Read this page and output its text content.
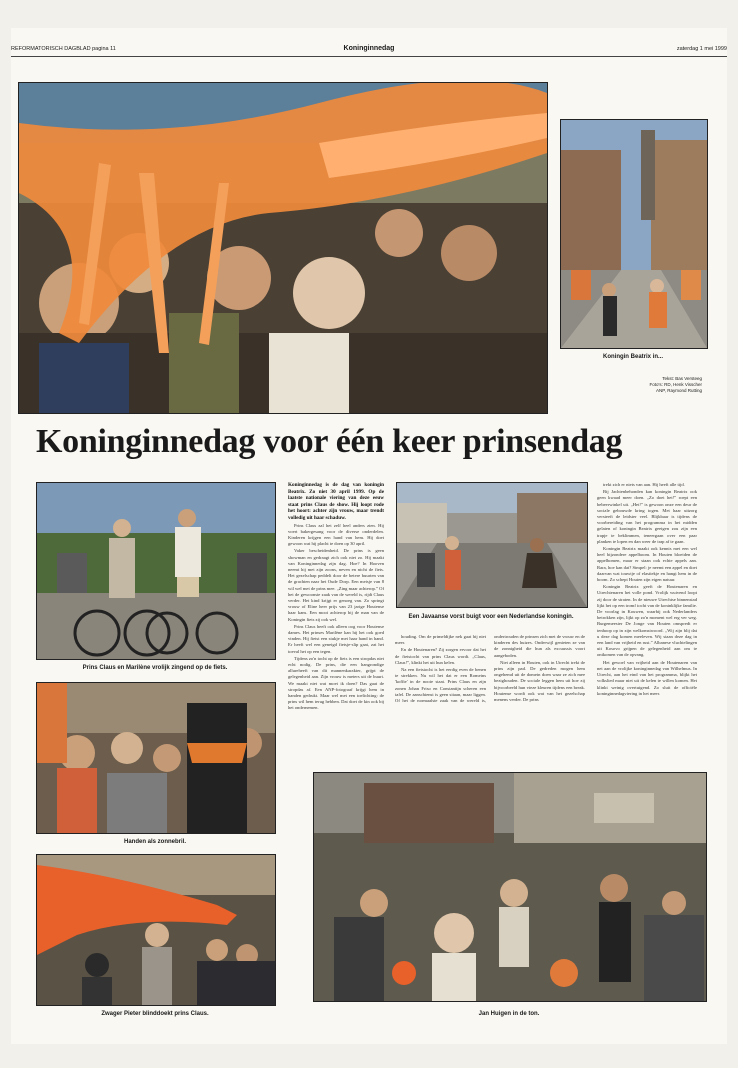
REFORMATORISCH DAGBLAD pagina 11	Koninginnedag	zaterdag 1 mei 1999
Koningin Beatrix in...
Tekst: Bas Versteeg
Foto's: RD, Henk Visscher
ANP, Raymond Rutting
Koninginnedag voor één keer prinsendag
Prins Claus en Marilène vrolijk zingend op de fiets.
Handen als zonnebril.
Zwager Pieter blinddoekt prins Claus.

Koninginnedag is de dag van koningin Beatrix. Zo niet 30 april 1999. Op de laatste nationale viering van deze eeuw staat prins Claus de show. Hij loopt rode het hoort: achter zijn vrouw, maar trendt volledig uit haar schaduw.

Prins Claus zal het zelf heel anders zien. Hij voert bakergesang voor de diverse onderdelen. Kinderen krijgen een hand van hem. Hij doet gewoon wat hij placht te doen op 30 april.

Vaker bescheidenheid. De prins is geen showman en gedraagt zich ook niet zo. Hij maakt van Koninginnedag zijn dag. Hoe? In Hooven neemt hij met zijn zoons, neven en nicht de fiets. Het gezelschap peddelt door de betere buurten van de grachten naar het Oude Dorp. Een meisje van 8 wil wel met de prins mee. „Zing maar achterop.” Of het de gewoonste zaak van de wereld is, rijdt Claus verder. Het kind krijgt er genoeg van. Zo springt vrouw of Eline heer prijs van 23 jarige Houtense haar kans. Een mooi achterop bij de man van de Koningin fiets zij ook wel.

Prins Claus heeft ook alleen oog voor Houtense dames. Het prinses Marilène kan hij het ook goed vinden. Hij fietst een stukje met haar hand in hand. Er heeft wel een geneigd fietsje-slip gaat, zat het toeval het op een tegen.

Tijdens zo'n tocht op de fiets is een stropdas niet echt nodig. De prins, die een hangrondige allureheeft van dit mannenkarakter, grijpt de gelegenheid aan. Zijn vrouw is meters uit de buurt. We maakt niet wat moet ik doen? Das gaat de stropdas af. Een ANP-fotograaf krijgt hem in handen gedrukt. Maar wel met een toelichting: de prins wil hem terug hebben. Dat doet de kin ook bij het ondernemen.

Een Javaanse vorst buigt voor een Nederlandse koningin.

houding. Om de primeldijke nek gaat hij niet meer.

En de Houtenaren? Zij zorgen ervoor dat het de fietstocht van prins Claus wordt. „Claus, Claus!”, klinkt het uit hun kelen.

Na een fietstocht is het eerdig even de benen te strekken. Nu wil het dat er een Romeins 'koffie' in de nooie staat. Prins Claus en zijn zonen Johan Friso en Constantijn scheren een tafel. De aanschienst is geen sitaan, maar liggen. Of het de normaalste zaak van de wereld is, ondertrouden de prinsen zich met de vrouw en de kinderen des huizes. Onderwijl genieten ze van de zonnigheid die hun als excuussis voort aangeboden.

Niet alleen in Houten, ook in Utrecht trekt de prins zijn pad. De gedreden mogen hem ongehemd uit de domein doen waar ze zich mee bezighouden. De sociale leggen hem uit hoe zij bijvoorbeeld hun vieze kleuren tijdens een break. Houtense wordt ook wat van het gezelschap menens verder. De prins

trekt zich er niets van aan. Hij heeft alle tijd.

Bij Jachtenbehonden kan koningin Beatrix ook geen kwaad meer doen. „Zo doet het!” roept een bebeerwinkel uit. „Het!” is gewoon onze een deur de sociale gebouwde kring togen. Met haar uitzorg versteeft de leidster veel. Blijkbaar is tijdens de voorbereiding van het programma in het midden gelaten of koningin Beatrix geeigen zou zijn een trapje te beklimmen, teneergaan over een paar planken te lopen en dan weer de trap af te gaan.

Koningin Beatrix maakt ook kennis met een wel heel bijzondere appelboom. In Houten bloeiden de appelbomen, maar er staan ook echte appels aan. Rara, hoe kan dat? Simpel: je neemt een appel en doet daarvan wat touwtje of elastiekje en hangt hem in de boom. Zo schept Houten zijn eigen natuur.

Koningin Beatrix geeft de Houtenaren en Utrechtenaren het volle pond. Vrolijk wuivend loopt zij door de straten. In de nieuwe Utrechtse binnenstad lijkt het op een tromf tocht van de koninklijke familie. De voorlag in Kouwen, waarbij ook Nederlanders betrokken zijn, lijkt op zo'n moment wel erg ver weg. Burgemeester De Jonge van Houten omspredt er tenhoop op in zijn welkomstwoord. „Wij zijn blij dat u deze dag komen meeleven. Wij staan deze dag in een land van vrijheid en rust.” Albanese vluchtelingen uit Kosovo grijpen de gelegenheid aan om te ontkomen van de opvang.

Het gewoel van vrijheid aan de Houtenaren van net aan de vrolijke koninginnedag van Wilhelmus. In Utrecht, aan het eind van het programma, blijkt het volkslied maar niet uit de kelen te willen komen. Het klinkt weinig overtuigend. Zo sluit de officiële koninginnedagviering in het meer.

Jan Huigen in de ton.
